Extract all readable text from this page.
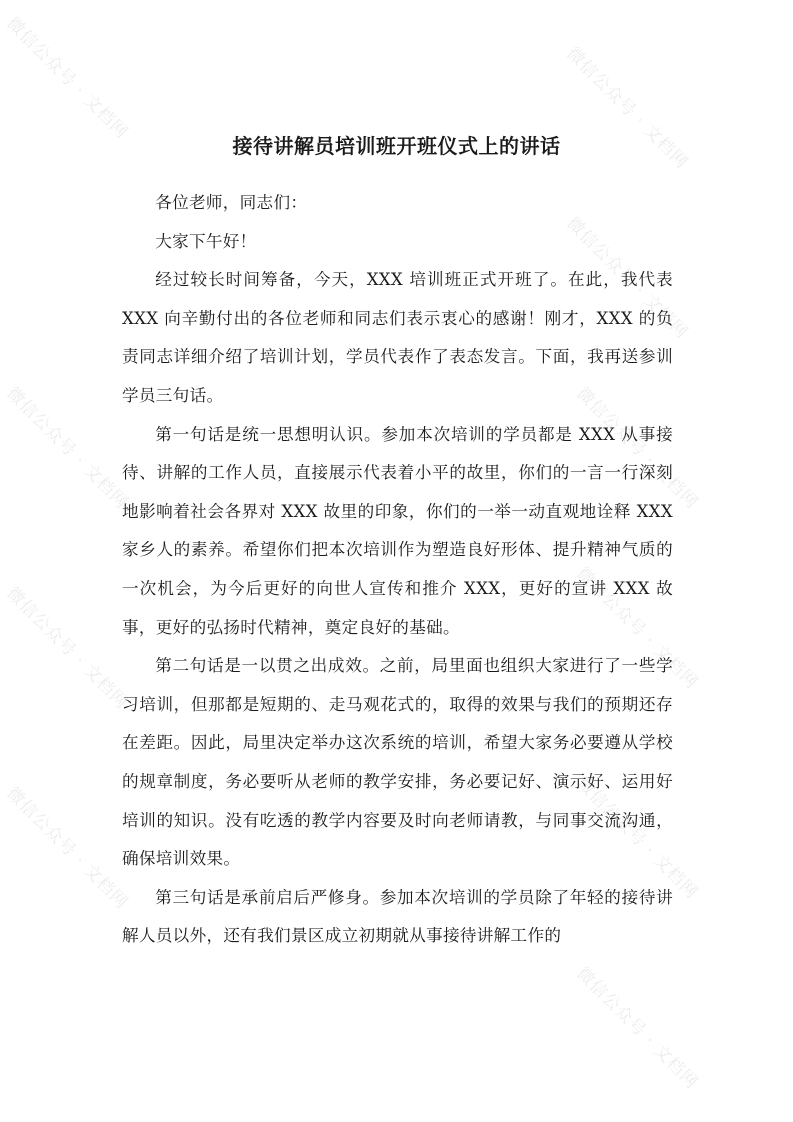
微信公众号 · 文档网	微信公众号 · 文档网
微信公众号 · 文档网
微信公众号 · 文档网	微信公众号 · 文档网
微信公众号 · 文档网	微信公众号 · 文档网
微信公众号 · 文档网	微信公众号 · 文档网
微信公众号 · 文档网
接待讲解员培训班开班仪式上的讲话

各位老师，同志们：

大家下午好！

经过较长时间筹备，今天，XXX 培训班正式开班了。在此，我代表 XXX 向辛勤付出的各位老师和同志们表示衷心的感谢！刚才，XXX 的负责同志详细介绍了培训计划，学员代表作了表态发言。下面，我再送参训学员三句话。

第一句话是统一思想明认识。参加本次培训的学员都是 XXX 从事接待、讲解的工作人员，直接展示代表着小平的故里，你们的一言一行深刻地影响着社会各界对 XXX 故里的印象，你们的一举一动直观地诠释 XXX 家乡人的素养。希望你们把本次培训作为塑造良好形体、提升精神气质的一次机会，为今后更好的向世人宣传和推介 XXX，更好的宣讲 XXX 故事，更好的弘扬时代精神，奠定良好的基础。

第二句话是一以贯之出成效。之前，局里面也组织大家进行了一些学习培训，但那都是短期的、走马观花式的，取得的效果与我们的预期还存在差距。因此，局里决定举办这次系统的培训，希望大家务必要遵从学校的规章制度，务必要听从老师的教学安排，务必要记好、演示好、运用好培训的知识。没有吃透的教学内容要及时向老师请教，与同事交流沟通，确保培训效果。

第三句话是承前启后严修身。参加本次培训的学员除了年轻的接待讲解人员以外，还有我们景区成立初期就从事接待讲解工作的
